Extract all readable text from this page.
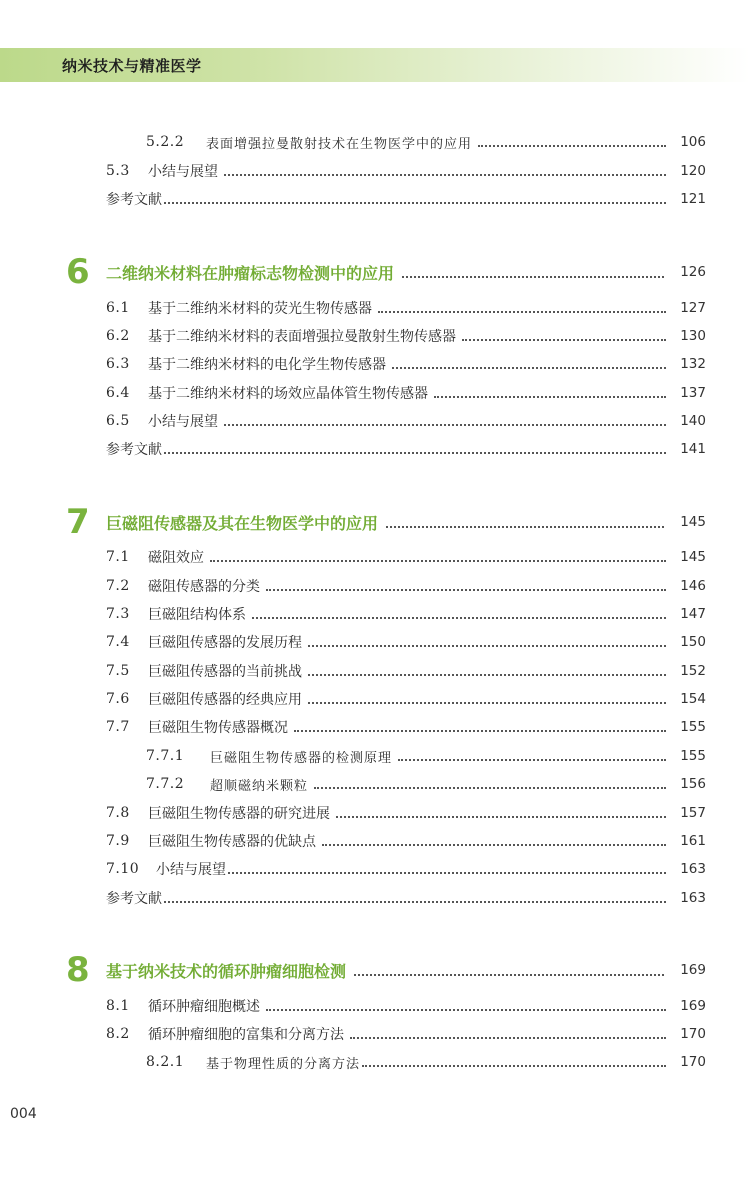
纳米技术与精准医学
5.2.2	表面增强拉曼散射技术在生物医学中的应用	106
5.3	小结与展望	120
参考文献	121
6	二维纳米材料在肿瘤标志物检测中的应用	126
6.1	基于二维纳米材料的荧光生物传感器	127
6.2	基于二维纳米材料的表面增强拉曼散射生物传感器	130
6.3	基于二维纳米材料的电化学生物传感器	132
6.4	基于二维纳米材料的场效应晶体管生物传感器	137
6.5	小结与展望	140
参考文献	141
7	巨磁阻传感器及其在生物医学中的应用	145
7.1	磁阻效应	145
7.2	磁阻传感器的分类	146
7.3	巨磁阻结构体系	147
7.4	巨磁阻传感器的发展历程	150
7.5	巨磁阻传感器的当前挑战	152
7.6	巨磁阻传感器的经典应用	154
7.7	巨磁阻生物传感器概况	155
7.7.1	巨磁阻生物传感器的检测原理	155
7.7.2	超顺磁纳米颗粒	156
7.8	巨磁阻生物传感器的研究进展	157
7.9	巨磁阻生物传感器的优缺点	161
7.10	小结与展望	163
参考文献	163
8	基于纳米技术的循环肿瘤细胞检测	169
8.1	循环肿瘤细胞概述	169
8.2	循环肿瘤细胞的富集和分离方法	170
8.2.1	基于物理性质的分离方法	170
004
